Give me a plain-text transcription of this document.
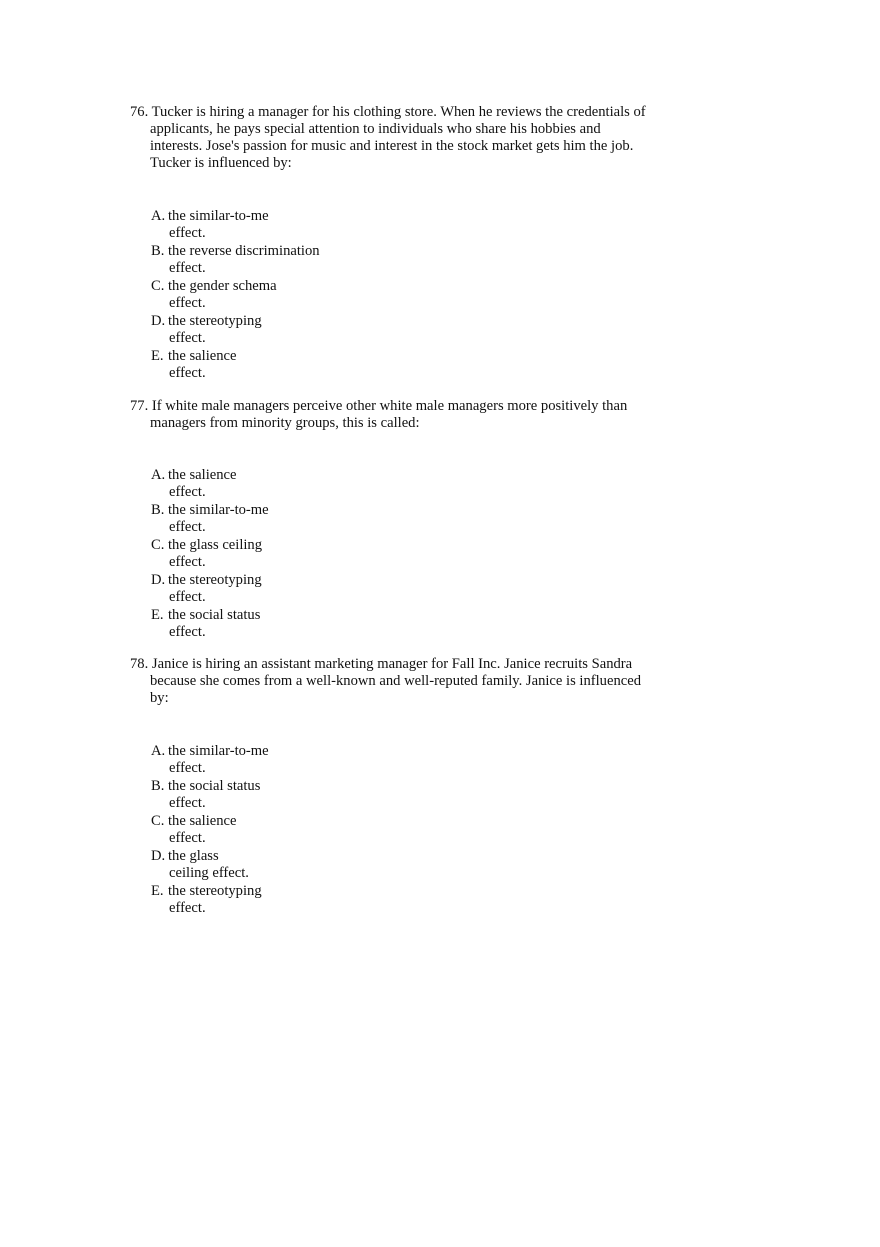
76. Tucker is hiring a manager for his clothing store. When he reviews the credentials of applicants, he pays special attention to individuals who share his hobbies and interests. Jose's passion for music and interest in the stock market gets him the job. Tucker is influenced by:

A. the similar-to-me
effect.
B. the reverse discrimination
effect.
C. the gender schema
effect.
D. the stereotyping
effect.
E. the salience
effect.

77. If white male managers perceive other white male managers more positively than managers from minority groups, this is called:

A. the salience
effect.
B. the similar-to-me
effect.
C. the glass ceiling
effect.
D. the stereotyping
effect.
E. the social status
effect.

78. Janice is hiring an assistant marketing manager for Fall Inc. Janice recruits Sandra because she comes from a well-known and well-reputed family. Janice is influenced by:

A. the similar-to-me
effect.
B. the social status
effect.
C. the salience
effect.
D. the glass
ceiling effect.
E. the stereotyping
effect.
